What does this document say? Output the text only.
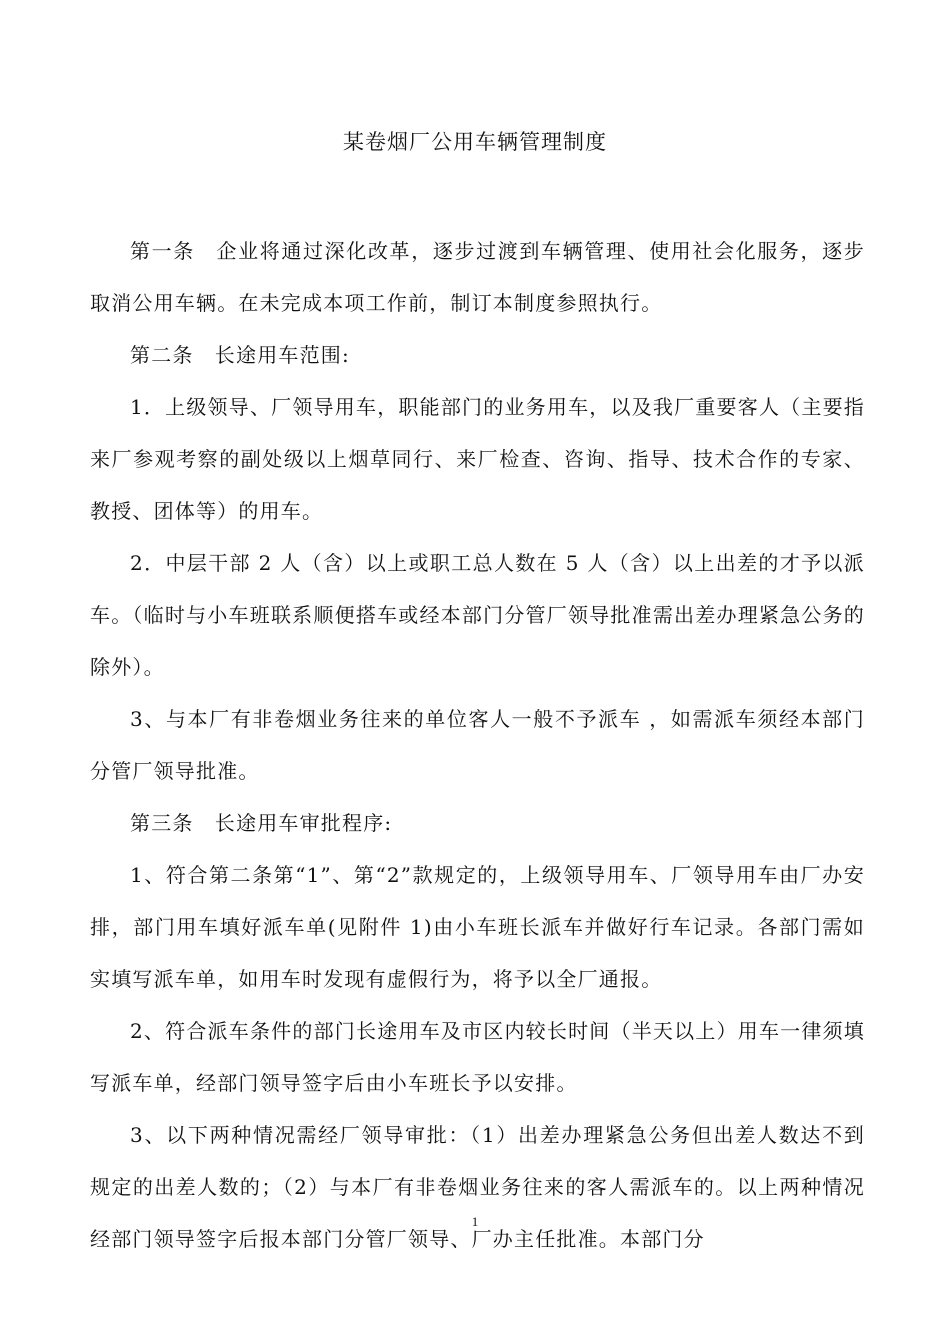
某卷烟厂公用车辆管理制度

第一条　企业将通过深化改革，逐步过渡到车辆管理、使用社会化服务，逐步取消公用车辆。在未完成本项工作前，制订本制度参照执行。

第二条　长途用车范围:

1．上级领导、厂领导用车，职能部门的业务用车，以及我厂重要客人（主要指来厂参观考察的副处级以上烟草同行、来厂检查、咨询、指导、技术合作的专家、教授、团体等）的用车。

2．中层干部 2 人（含）以上或职工总人数在 5 人（含）以上出差的才予以派车。（临时与小车班联系顺便搭车或经本部门分管厂领导批准需出差办理紧急公务的除外）。

3、与本厂有非卷烟业务往来的单位客人一般不予派车 ，如需派车须经本部门分管厂领导批准。

第三条　长途用车审批程序:

1、符合第二条第“1”、第“2”款规定的，上级领导用车、厂领导用车由厂办安排，部门用车填好派车单(见附件 1)由小车班长派车并做好行车记录。各部门需如实填写派车单，如用车时发现有虚假行为，将予以全厂通报。

2、符合派车条件的部门长途用车及市区内较长时间（半天以上）用车一律须填写派车单，经部门领导签字后由小车班长予以安排。

3、以下两种情况需经厂领导审批：（1）出差办理紧急公务但出差人数达不到规定的出差人数的；（2）与本厂有非卷烟业务往来的客人需派车的。以上两种情况经部门领导签字后报本部门分管厂领导、厂办主任批准。本部门分

1
